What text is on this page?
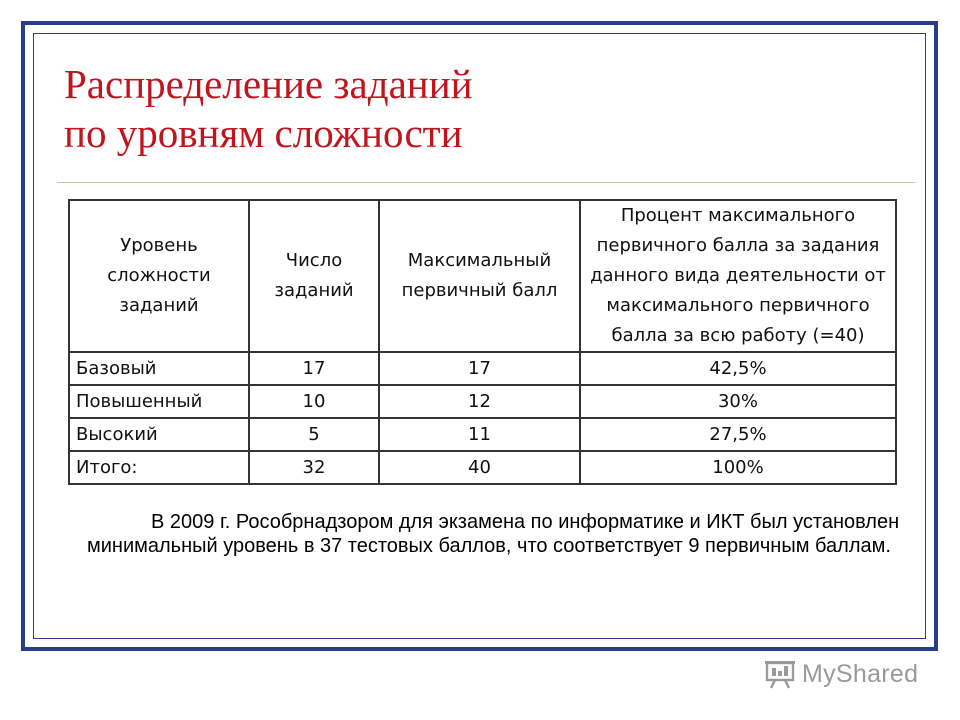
Распределение заданий
по уровням сложности
Уровень сложности заданий	Число заданий	Максимальный первичный балл	Процент максимального первичного балла за задания данного вида деятельности от максимального первичного балла за всю работу (=40)
Базовый	17	17	42,5%
Повышенный	10	12	30%
Высокий	5	11	27,5%
Итого:	32	40	100%

В 2009 г. Рособрнадзором для экзамена по информатике и ИКТ был установлен минимальный уровень в 37 тестовых баллов, что соответствует 9 первичным баллам.

MyShared
